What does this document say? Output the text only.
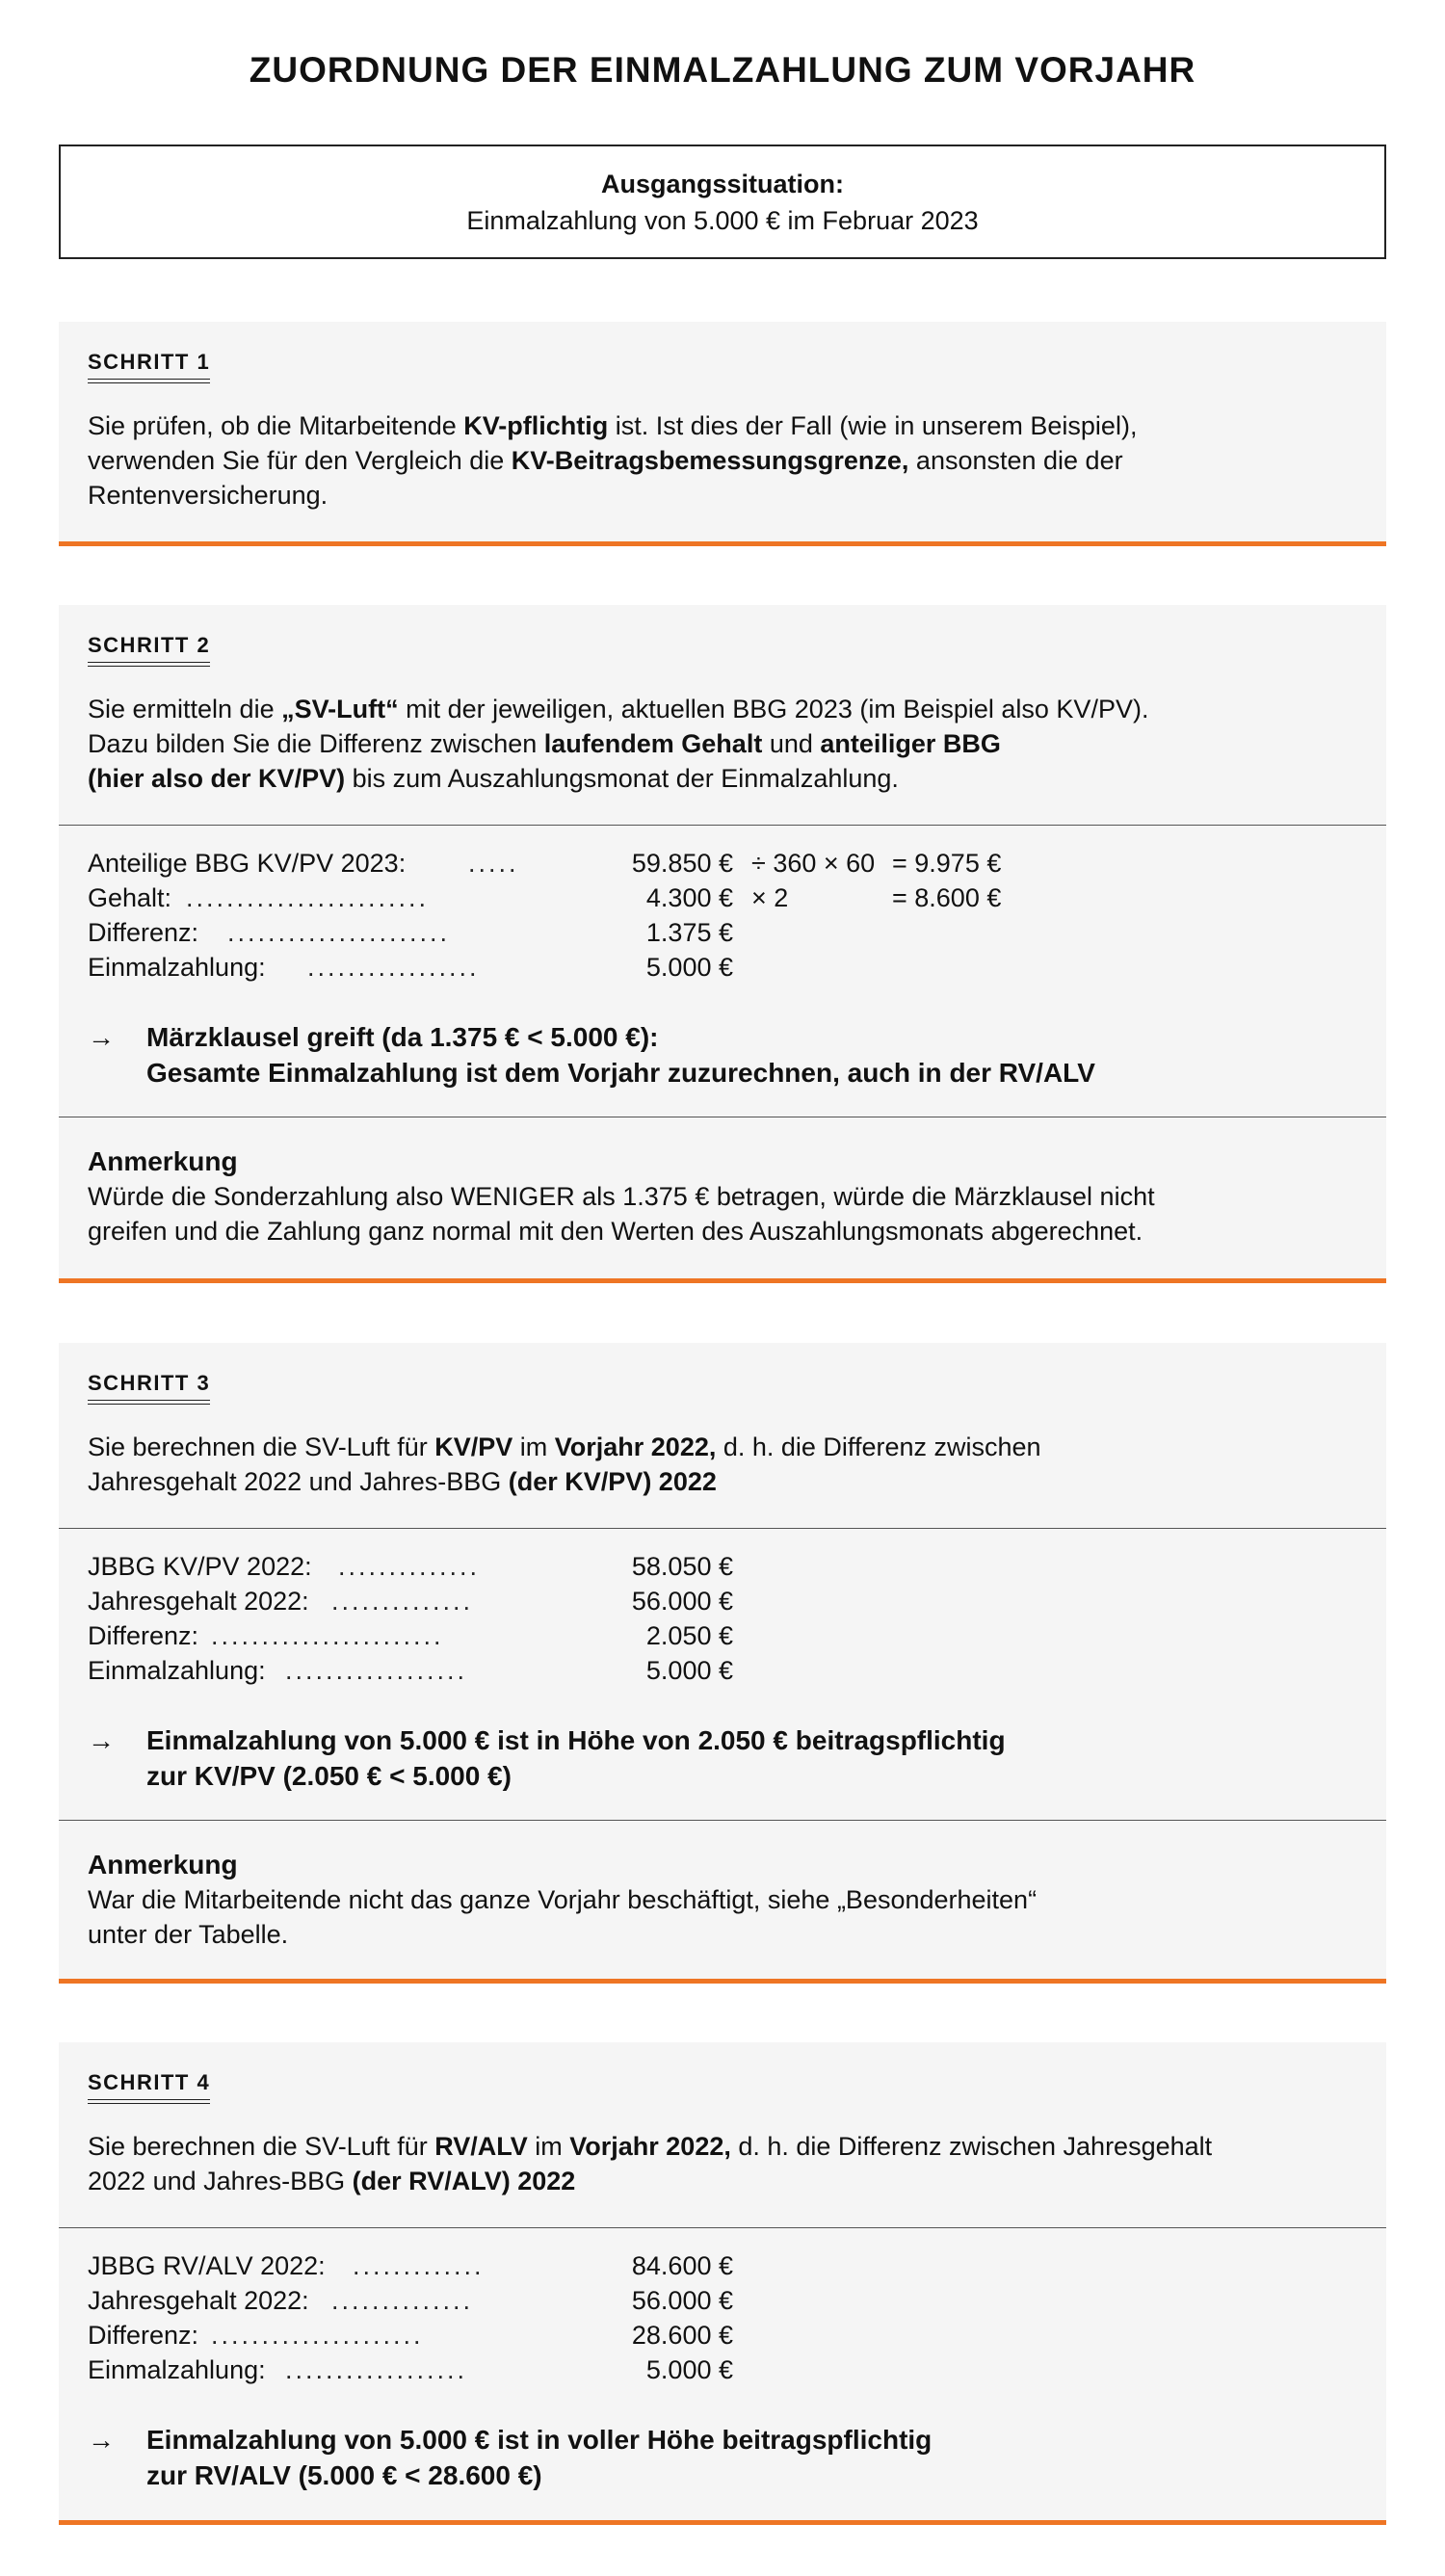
ZUORDNUNG DER EINMALZAHLUNG ZUM VORJAHR
Ausgangssituation:
Einmalzahlung von 5.000 € im Februar 2023
SCHRITT 1
Sie prüfen, ob die Mitarbeitende KV-pflichtig ist. Ist dies der Fall (wie in unserem Beispiel),
verwenden Sie für den Vergleich die KV-Beitragsbemessungsgrenze, ansonsten die der
Rentenversicherung.
SCHRITT 2
Sie ermitteln die „SV-Luft“ mit der jeweiligen, aktuellen BBG 2023 (im Beispiel also KV/PV).
Dazu bilden Sie die Differenz zwischen laufendem Gehalt und anteiliger BBG
(hier also der KV/PV) bis zum Auszahlungsmonat der Einmalzahlung.
Anteilige BBG KV/PV 2023: .....	59.850 € ÷ 360 × 60 = 9.975 €
Gehalt: ........................	4.300 € × 2	= 8.600 €
Differenz: ......................	1.375 €
Einmalzahlung: .................	5.000 €
→ Märzklausel greift (da 1.375 € < 5.000 €):
Gesamte Einmalzahlung ist dem Vorjahr zuzurechnen, auch in der RV/ALV
Anmerkung
Würde die Sonderzahlung also WENIGER als 1.375 € betragen, würde die Märzklausel nicht
greifen und die Zahlung ganz normal mit den Werten des Auszahlungsmonats abgerechnet.
SCHRITT 3
Sie berechnen die SV-Luft für KV/PV im Vorjahr 2022, d. h. die Differenz zwischen
Jahresgehalt 2022 und Jahres-BBG (der KV/PV) 2022
JBBG KV/PV 2022: ..............	58.050 €
Jahresgehalt 2022: ..............	56.000 €
Differenz: .......................	2.050 €
Einmalzahlung: ..................	5.000 €
→ Einmalzahlung von 5.000 € ist in Höhe von 2.050 € beitragspflichtig
zur KV/PV (2.050 € < 5.000 €)
Anmerkung
War die Mitarbeitende nicht das ganze Vorjahr beschäftigt, siehe „Besonderheiten“
unter der Tabelle.
SCHRITT 4
Sie berechnen die SV-Luft für RV/ALV im Vorjahr 2022, d. h. die Differenz zwischen Jahresgehalt
2022 und Jahres-BBG (der RV/ALV) 2022
JBBG RV/ALV 2022: .............	84.600 €
Jahresgehalt 2022: ..............	56.000 €
Differenz: .....................	28.600 €
Einmalzahlung: ..................	5.000 €
→ Einmalzahlung von 5.000 € ist in voller Höhe beitragspflichtig
zur RV/ALV (5.000 € < 28.600 €)
